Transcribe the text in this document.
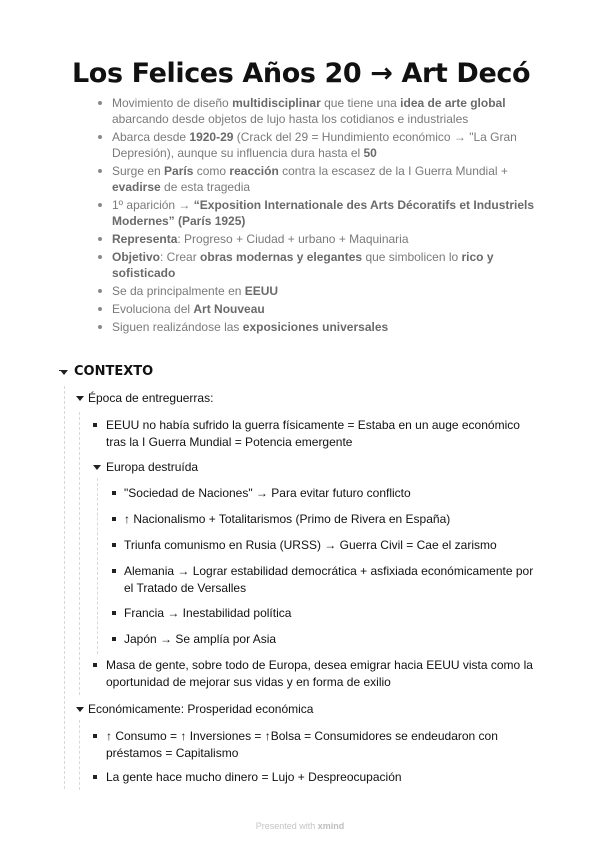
Los Felices Años 20 → Art Decó
Movimiento de diseño multidisciplinar que tiene una idea de arte global abarcando desde objetos de lujo hasta los cotidianos e industriales
Abarca desde 1920-29 (Crack del 29 = Hundimiento económico → "La Gran Depresión), aunque su influencia dura hasta el 50
Surge en París como reacción contra la escasez de la I Guerra Mundial + evadirse de esta tragedia
1º aparición → “Exposition Internationale des Arts Décoratifs et Industriels Modernes” (París 1925)
Representa: Progreso + Ciudad + urbano + Maquinaria
Objetivo: Crear obras modernas y elegantes que simbolicen lo rico y sofisticado
Se da principalmente en EEUU
Evoluciona del Art Nouveau
Siguen realizándose las exposiciones universales
CONTEXTO
Época de entreguerras:
EEUU no había sufrido la guerra físicamente = Estaba en un auge económico tras la I Guerra Mundial = Potencia emergente
Europa destruída
"Sociedad de Naciones" → Para evitar futuro conflicto
↑ Nacionalismo + Totalitarismos (Primo de Rivera en España)
Triunfa comunismo en Rusia (URSS) → Guerra Civil = Cae el zarismo
Alemania → Lograr estabilidad democrática + asfixiada económicamente por el Tratado de Versalles
Francia → Inestabilidad política
Japón → Se amplía por Asia
Masa de gente, sobre todo de Europa, desea emigrar hacia EEUU vista como la oportunidad de mejorar sus vidas y en forma de exilio
Económicamente: Prosperidad económica
↑ Consumo = ↑ Inversiones = ↑Bolsa = Consumidores se endeudaron con préstamos = Capitalismo
La gente hace mucho dinero = Lujo + Despreocupación
Presented with xmind
